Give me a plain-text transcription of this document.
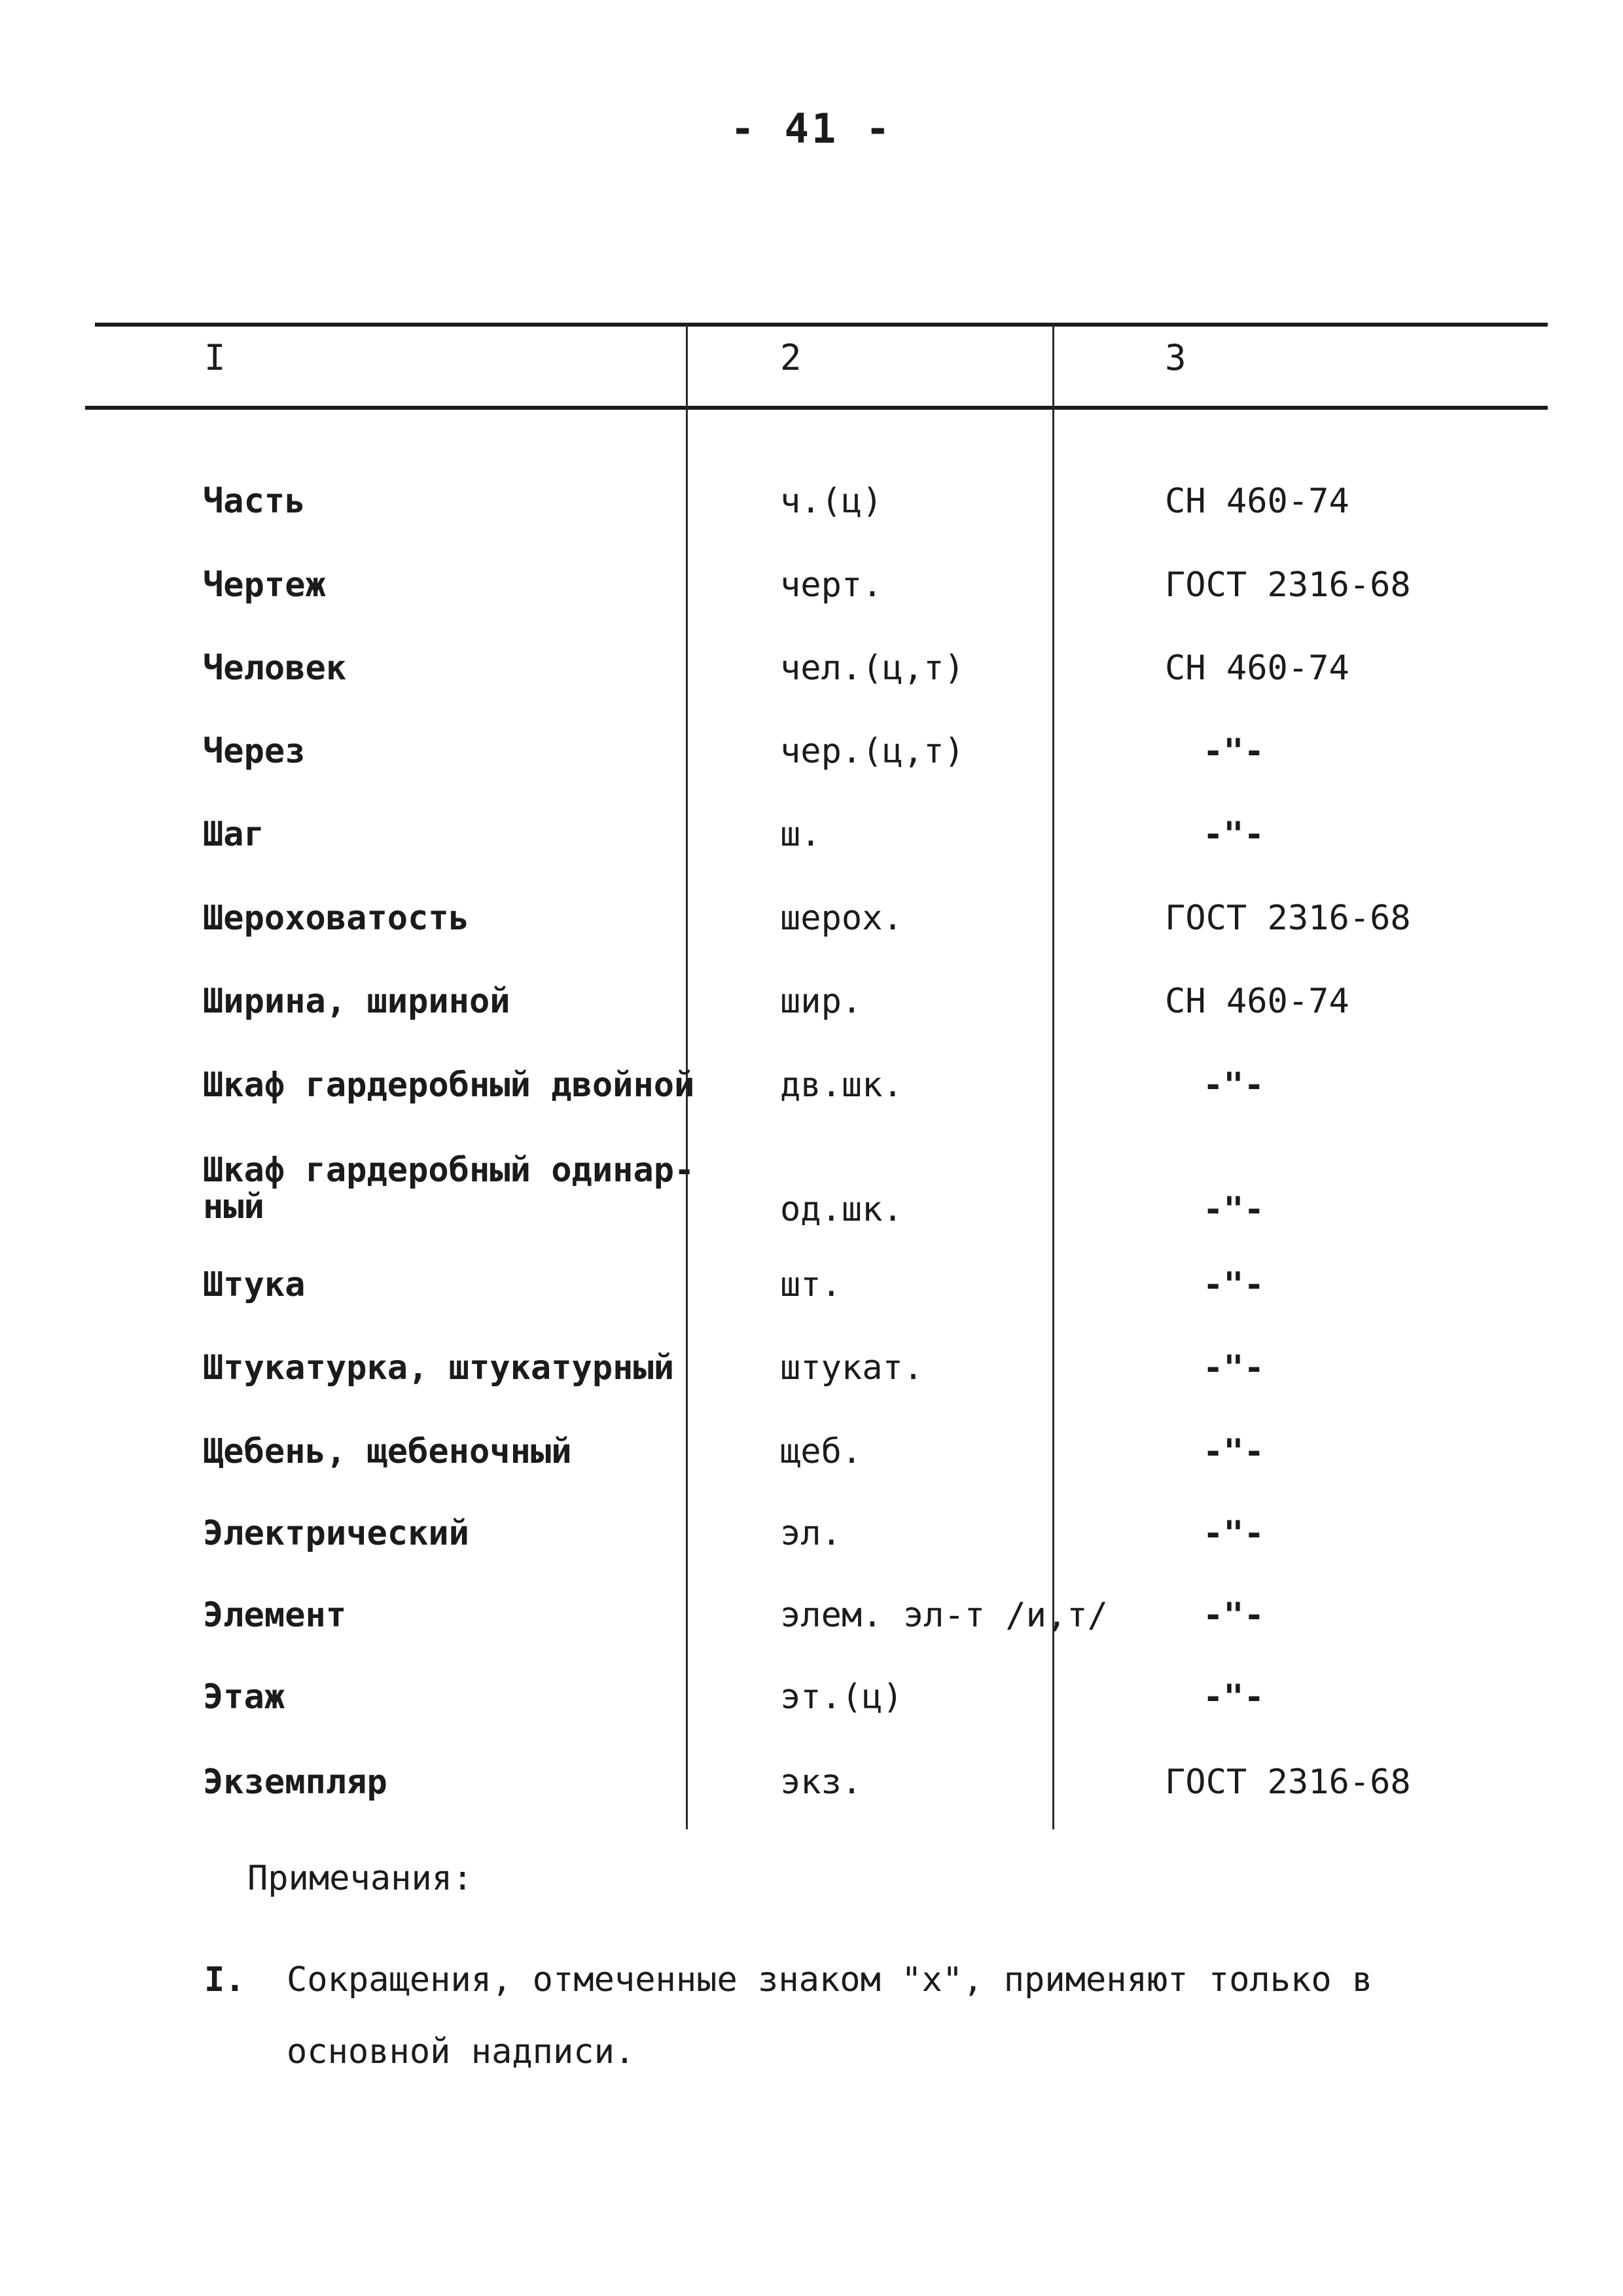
- 41 -
I	2	3
Часть	ч.(ц)	СН 460-74
Чертеж	черт.	ГОСТ 2316-68
Человек	чел.(ц,т)	СН 460-74
Через	чер.(ц,т)	-"-
Шаг	ш.	-"-
Шероховатость	шерох.	ГОСТ 2316-68
Ширина, шириной	шир.	СН 460-74
Шкаф гардеробный двойной	дв.шк.	-"-
Шкаф гардеробный одинар-
ный	од.шк.	-"-
Штука	шт.	-"-
Штукатурка, штукатурный	штукат.	-"-
Щебень, щебеночный	щеб.	-"-
Электрический	эл.	-"-
Элемент	элем. эл-т /и,т/	-"-
Этаж	эт.(ц)	-"-
Экземпляр	экз.	ГОСТ 2316-68
Примечания:
I. Сокращения, отмеченные знаком "х", применяют только в основной надписи.
